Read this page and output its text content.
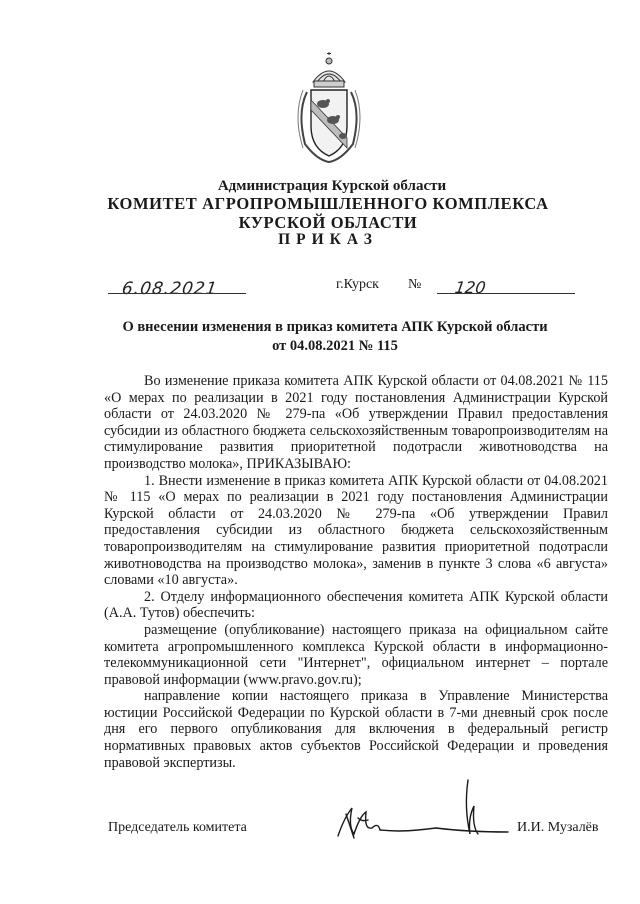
Администрация Курской области
КОМИТЕТ АГРОПРОМЫШЛЕННОГО КОМПЛЕКСА
КУРСКОЙ ОБЛАСТИ
ПРИКАЗ
6.08.2021	г.Курск № 120
О внесении изменения в приказ комитета АПК Курской области
от 04.08.2021 № 115

Во изменение приказа комитета АПК Курской области от 04.08.2021 № 115 «О мерах по реализации в 2021 году постановления Администрации Курской области от 24.03.2020 № 279-па «Об утверждении Правил предоставления субсидии из областного бюджета сельскохозяйственным товаропроизводителям на стимулирование развития приоритетной подотрасли животноводства на производство молока», ПРИКАЗЫВАЮ:

1. Внести изменение в приказ комитета АПК Курской области от 04.08.2021 № 115 «О мерах по реализации в 2021 году постановления Администрации Курской области от 24.03.2020 № 279-па «Об утверждении Правил предоставления субсидии из областного бюджета сельскохозяйственным товаропроизводителям на стимулирование развития приоритетной подотрасли животноводства на производство молока», заменив в пункте 3 слова «6 августа» словами «10 августа».

2. Отделу информационного обеспечения комитета АПК Курской области (А.А. Тутов) обеспечить:

размещение (опубликование) настоящего приказа на официальном сайте комитета агропромышленного комплекса Курской области в информационно-телекоммуникационной сети "Интернет", официальном интернет – портале правовой информации (www.pravo.gov.ru);

направление копии настоящего приказа в Управление Министерства юстиции Российской Федерации по Курской области в 7-ми дневный срок после дня его первого опубликования для включения в федеральный регистр нормативных правовых актов субъектов Российской Федерации и проведения правовой экспертизы.

Председатель комитета	И.И. Музалёв
